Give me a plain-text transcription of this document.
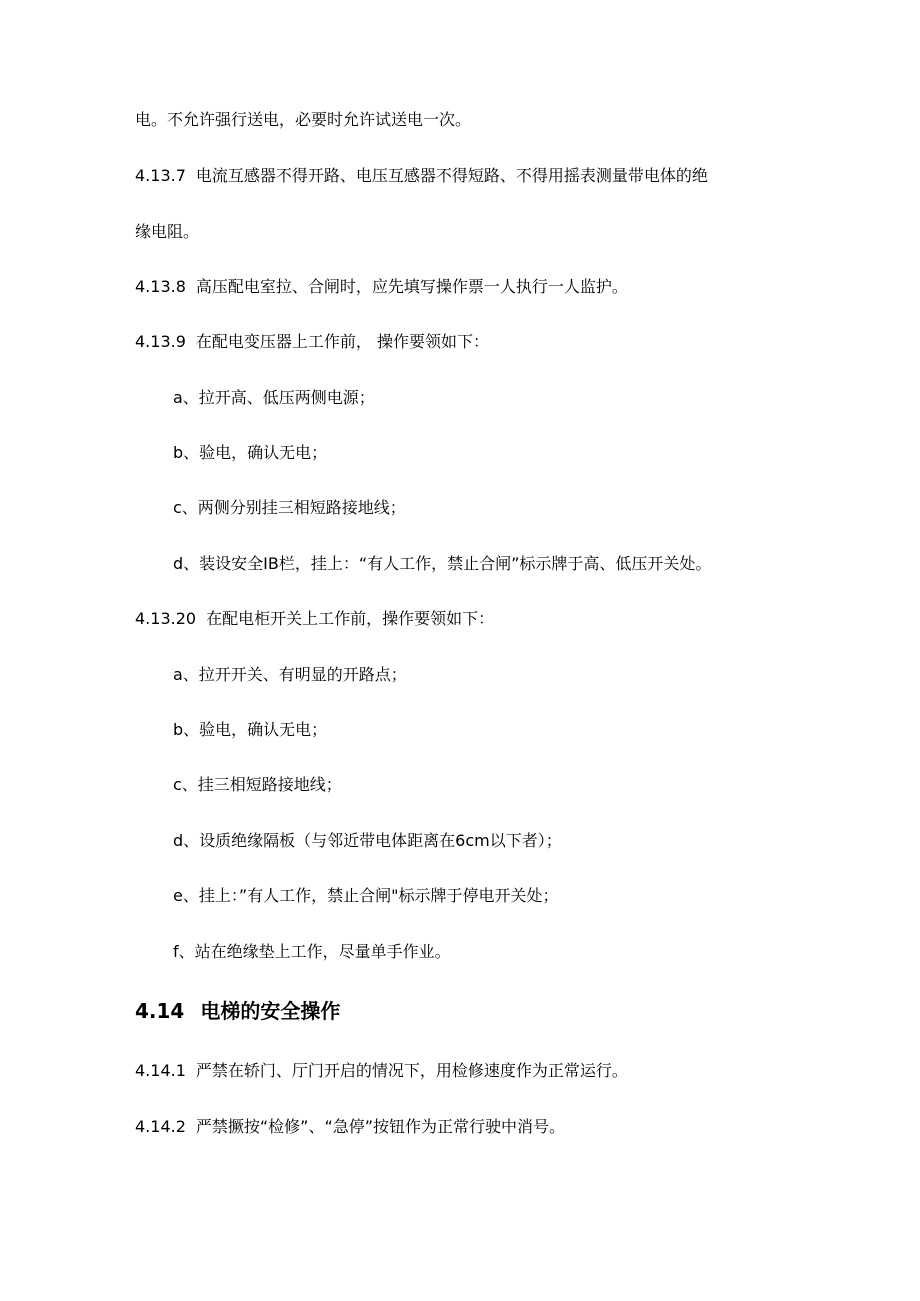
电。不允许强行送电，必要时允许试送电一次。
4.13.7 电流互感器不得开路、电压互感器不得短路、不得用摇表测量带电体的绝
缘电阻。
4.13.8 高压配电室拉、合闸时，应先填写操作票一人执行一人监护。
4.13.9 在配电变压器上工作前， 操作要领如下：
a、拉开高、低压两侧电源；
b、验电，确认无电；
c、两侧分别挂三相短路接地线；
d、装设安全IB栏，挂上：“有人工作，禁止合闸”标示牌于高、低压开关处。
4.13.20 在配电柜开关上工作前，操作要领如下：
a、拉开开关、有明显的开路点；
b、验电，确认无电；
c、挂三相短路接地线；
d、设质绝缘隔板（与邻近带电体距离在6cm以下者）；
e、挂上：”有人工作，禁止合闸"标示牌于停电开关处；
f、站在绝缘垫上工作，尽量单手作业。
4.14 电梯的安全操作
4.14.1 严禁在轿门、厅门开启的情况下，用检修速度作为正常运行。
4.14.2 严禁撅按“检修”、“急停”按钮作为正常行驶中消号。
